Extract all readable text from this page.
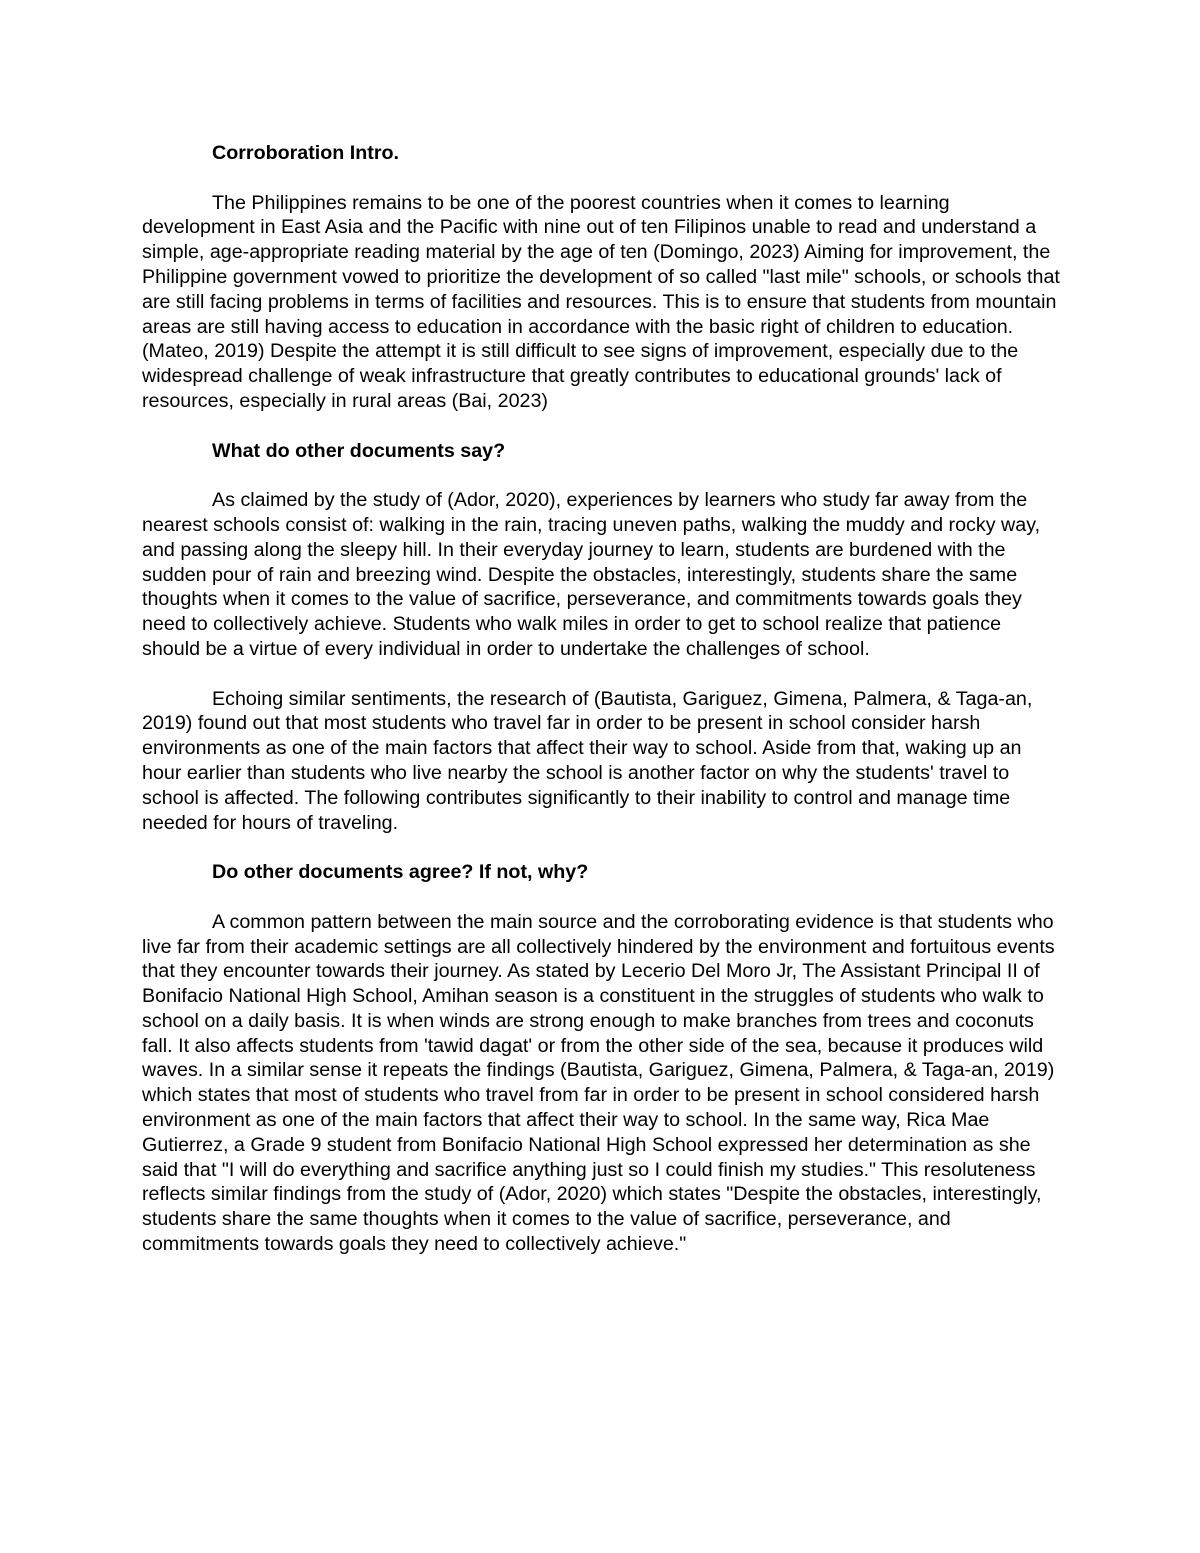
Corroboration Intro.

The Philippines remains to be one of the poorest countries when it comes to learning development in East Asia and the Pacific with nine out of ten Filipinos unable to read and understand a simple, age-appropriate reading material by the age of ten (Domingo, 2023) Aiming for improvement, the Philippine government vowed to prioritize the development of so called "last mile" schools, or schools that are still facing problems in terms of facilities and resources. This is to ensure that students from mountain areas are still having access to education in accordance with the basic right of children to education. (Mateo, 2019) Despite the attempt it is still difficult to see signs of improvement, especially due to the widespread challenge of weak infrastructure that greatly contributes to educational grounds' lack of resources, especially in rural areas (Bai, 2023)

What do other documents say?

As claimed by the study of (Ador, 2020), experiences by learners who study far away from the nearest schools consist of: walking in the rain, tracing uneven paths, walking the muddy and rocky way, and passing along the sleepy hill. In their everyday journey to learn, students are burdened with the sudden pour of rain and breezing wind. Despite the obstacles, interestingly, students share the same thoughts when it comes to the value of sacrifice, perseverance, and commitments towards goals they need to collectively achieve. Students who walk miles in order to get to school realize that patience should be a virtue of every individual in order to undertake the challenges of school.

Echoing similar sentiments, the research of (Bautista, Gariguez, Gimena, Palmera, & Taga-an, 2019) found out that most students who travel far in order to be present in school consider harsh environments as one of the main factors that affect their way to school. Aside from that, waking up an hour earlier than students who live nearby the school is another factor on why the students' travel to school is affected. The following contributes significantly to their inability to control and manage time needed for hours of traveling.

Do other documents agree? If not, why?

A common pattern between the main source and the corroborating evidence is that students who live far from their academic settings are all collectively hindered by the environment and fortuitous events that they encounter towards their journey. As stated by Lecerio Del Moro Jr, The Assistant Principal II of Bonifacio National High School, Amihan season is a constituent in the struggles of students who walk to school on a daily basis. It is when winds are strong enough to make branches from trees and coconuts fall. It also affects students from 'tawid dagat' or from the other side of the sea, because it produces wild waves. In a similar sense it repeats the findings (Bautista, Gariguez, Gimena, Palmera, & Taga-an, 2019) which states that most of students who travel from far in order to be present in school considered harsh environment as one of the main factors that affect their way to school. In the same way, Rica Mae Gutierrez, a Grade 9 student from Bonifacio National High School expressed her determination as she said that "I will do everything and sacrifice anything just so I could finish my studies." This resoluteness reflects similar findings from the study of (Ador, 2020) which states "Despite the obstacles, interestingly, students share the same thoughts when it comes to the value of sacrifice, perseverance, and commitments towards goals they need to collectively achieve."
